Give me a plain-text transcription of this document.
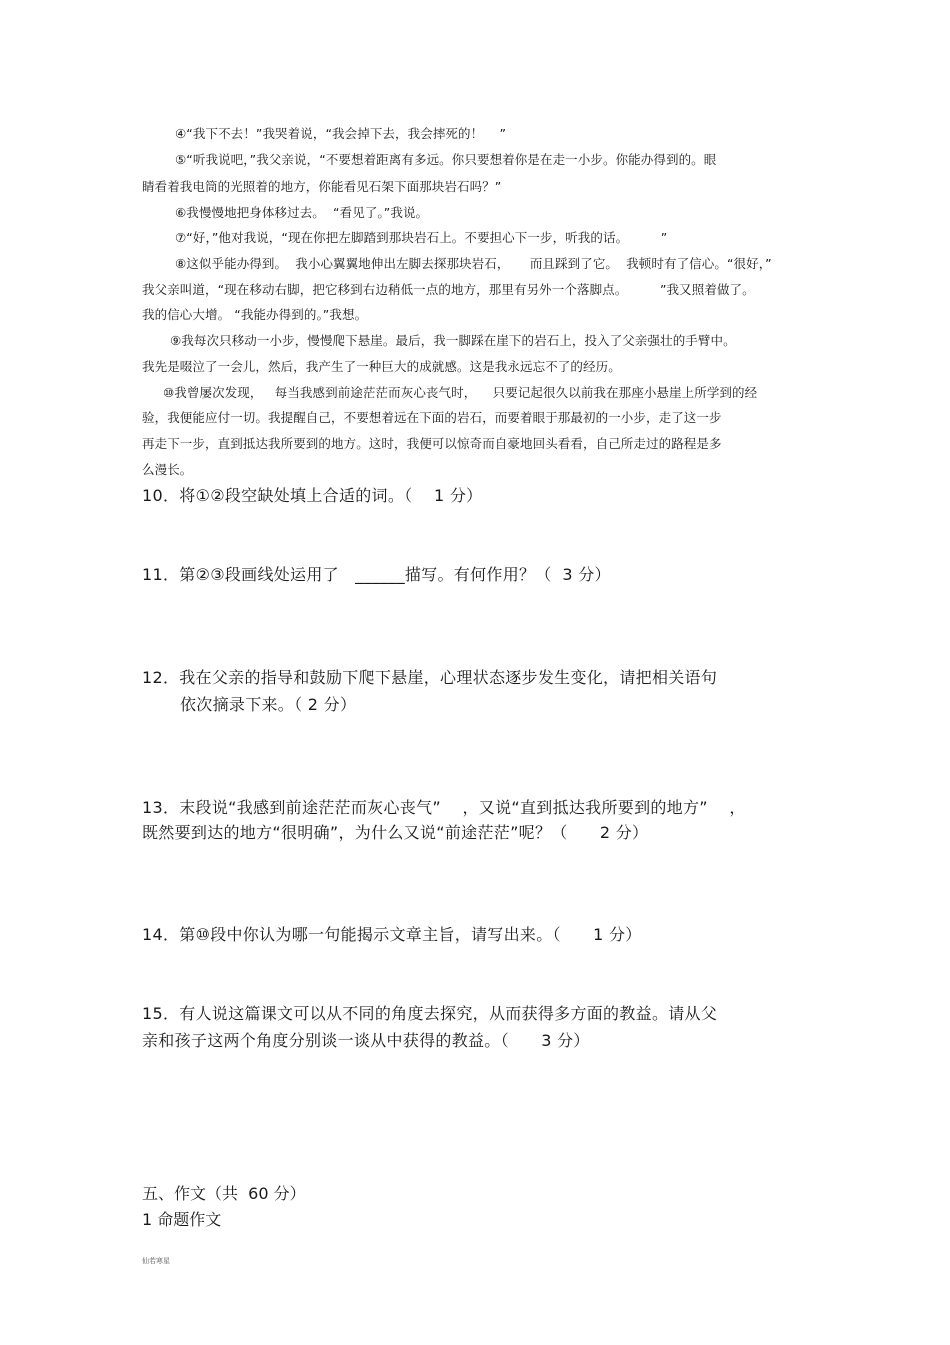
④“我下不去！”我哭着说，“我会掉下去，我会摔死的！    ”
⑤“听我说吧，”我父亲说，“不要想着距离有多远。你只要想着你是在走一小步。你能办得到的。眼
睛看着我电筒的光照着的地方，你能看见石架下面那块岩石吗？”
⑥我慢慢地把身体移过去。  “看见了。”我说。
⑦“好，”他对我说，“现在你把左脚踏到那块岩石上。不要担心下一步，听我的话。        ”
⑧这似乎能办得到。  我小心翼翼地伸出左脚去探那块岩石，     而且踩到了它。  我顿时有了信心。“很好，”
我父亲叫道，“现在移动右脚，把它移到右边稍低一点的地方，那里有另外一个落脚点。        ”我又照着做了。
我的信心大增。 “我能办得到的。”我想。
⑨我每次只移动一小步，慢慢爬下悬崖。最后，我一脚踩在崖下的岩石上，投入了父亲强壮的手臂中。
我先是啜泣了一会儿，然后，我产生了一种巨大的成就感。这是我永远忘不了的经历。
⑩我曾屡次发现，   每当我感到前途茫茫而灰心丧气时，    只要记起很久以前我在那座小悬崖上所学到的经
验，我便能应付一切。我提醒自己，不要想着远在下面的岩石，而要着眼于那最初的一小步，走了这一步
再走下一步，直到抵达我所要到的地方。这时，我便可以惊奇而自豪地回头看看，自己所走过的路程是多
么漫长。
10．将①②段空缺处填上合适的词。（    1 分）
11．第②③段画线处运用了   ______描写。有何作用？（  3 分）
12．我在父亲的指导和鼓励下爬下悬崖，心理状态逐步发生变化，请把相关语句
依次摘录下来。（ 2 分）
13．末段说“我感到前途茫茫而灰心丧气”    ，又说“直到抵达我所要到的地方”    ，
既然要到达的地方“很明确”，为什么又说“前途茫茫”呢？（      2 分）
14．第⑩段中你认为哪一句能揭示文章主旨，请写出来。（      1 分）
15．有人说这篇课文可以从不同的角度去探究，从而获得多方面的教益。请从父
亲和孩子这两个角度分别谈一谈从中获得的教益。（      3 分）
五、作文（共  60 分）
1 命题作文
仙若寒星
